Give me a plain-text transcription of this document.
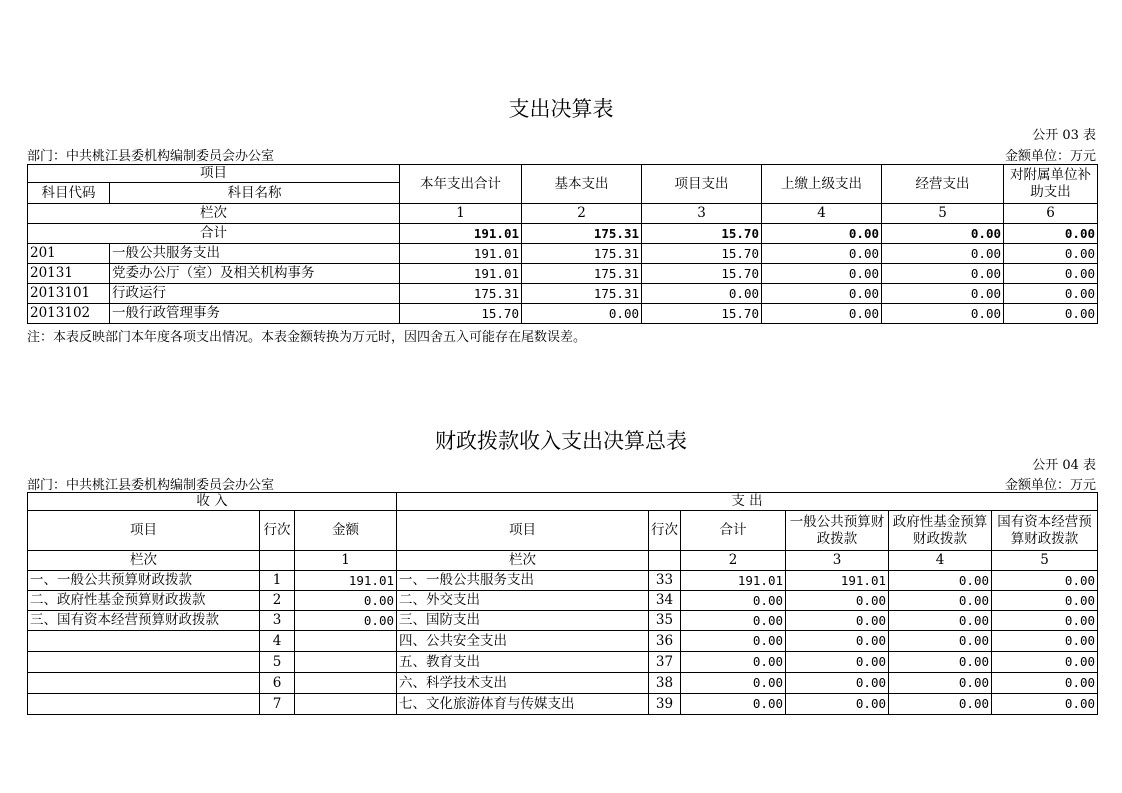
支出决算表
公开 03 表
部门：中共桃江县委机构编制委员会办公室	金额单位：万元
项目		本年支出合计	基本支出	项目支出	上缴上级支出	经营支出	对附属单位补助支出
科目代码	科目名称						
栏次		1	2	3	4	5	6
合计		191.01	175.31	15.70	0.00	0.00	0.00
201	一般公共服务支出	191.01	175.31	15.70	0.00	0.00	0.00
20131	党委办公厅（室）及相关机构事务	191.01	175.31	15.70	0.00	0.00	0.00
2013101	行政运行	175.31	175.31	0.00	0.00	0.00	0.00
2013102	一般行政管理事务	15.70	0.00	15.70	0.00	0.00	0.00
注：本表反映部门本年度各项支出情况。本表金额转换为万元时，因四舍五入可能存在尾数误差。
财政拨款收入支出决算总表
公开 04 表
部门：中共桃江县委机构编制委员会办公室	金额单位：万元
收 入			支 出					
项目	行次	金额	项目	行次	合计	一般公共预算财政拨款	政府性基金预算财政拨款	国有资本经营预算财政拨款
栏次		1	栏次		2	3	4	5
一、一般公共预算财政拨款	1	191.01	一、一般公共服务支出	33	191.01	191.01	0.00	0.00
二、政府性基金预算财政拨款	2	0.00	二、外交支出	34	0.00	0.00	0.00	0.00
三、国有资本经营预算财政拨款	3	0.00	三、国防支出	35	0.00	0.00	0.00	0.00
	4		四、公共安全支出	36	0.00	0.00	0.00	0.00
	5		五、教育支出	37	0.00	0.00	0.00	0.00
	6		六、科学技术支出	38	0.00	0.00	0.00	0.00
	7		七、文化旅游体育与传媒支出	39	0.00	0.00	0.00	0.00
